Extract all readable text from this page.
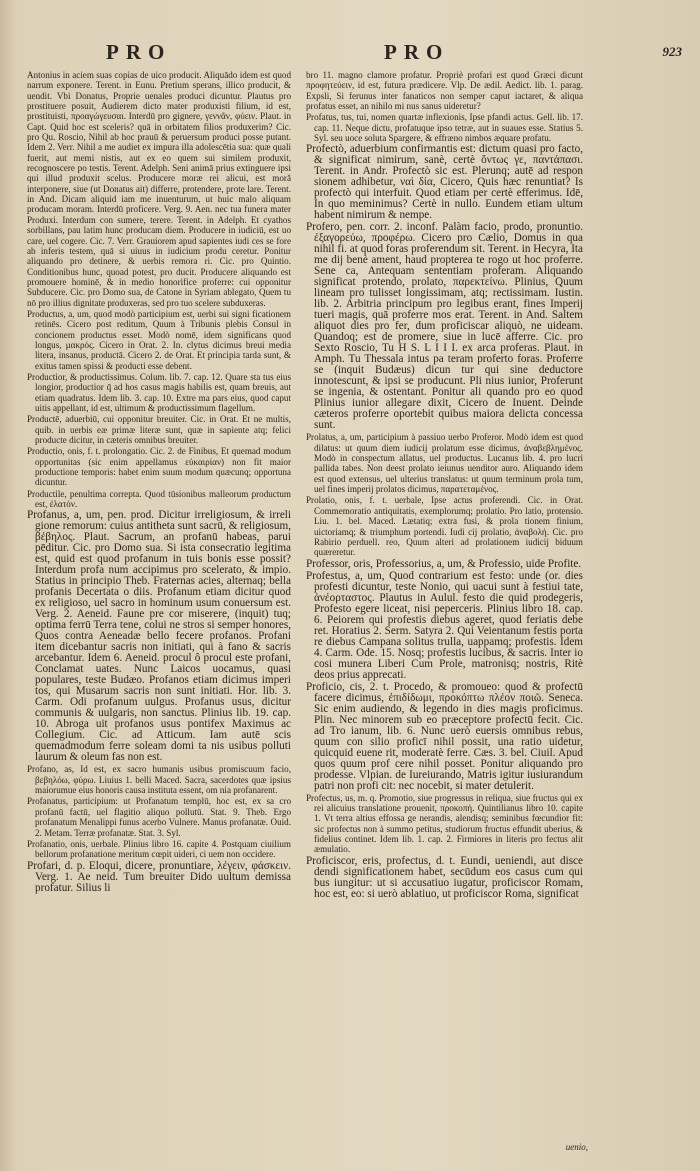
PRO	PRO	923

Antonius in aciem suas copias de uico producit. Aliquādo idem est quod narrum exponere. Terent. in Eunu. Pretium sperans, illico producit, & uendit. Vbi Donatus, Proprie uenales produci dicuntur. Plautus pro prostituere posuit, Audierem dicto mater produxisti filium, id est, prostituisti, προαγώγευσαι. Interdū pro gignere, γεννᾶν, φύειν. Plaut. in Capt. Quid hoc est sceleris? quā in orbitatem filios produxerim? Cic. pro Qu. Roscio, Nihil ab hoc prauū & peruersum produci posse putant. Idem 2. Verr. Nihil a me audiet ex impura illa adolescētia sua: quæ quali fuerit, aut memi nistis, aut ex eo quem sui similem produxit, recognoscere po testis. Terent. Adelph. Seni animā prius extinguere ipsi qui illud produxit scelus. Producere moræ rei alicui, est moră interponere, siue (ut Donatus ait) differre, protendere, prote lare. Terent. in And. Dicam aliquid iam me inuenturum, ut huic malo aliquam producam moram. Interdū proficere. Verg. 9. Aen. nec tua funera mater Produxi. Interdum con sumere, terere. Terent. in Adelph. Et cyathos sorbillans, pau latim hunc producam diem. Producere in iudiciū, est uo care, uel cogere. Cic. 7. Verr. Grauiorem apud sapientes iudi ces se fore ab inferis testem, quā si uiuus in iudicium produ ceretur. Ponitur aliquando pro detinere, & uerbis remora ri. Cic. pro Quintio. Conditionibus hunc, quoad potest, pro ducit. Producere aliquando est promouere hominē, & in medio honorifice proferre: cui opponitur Subducere. Cic. pro Domo sua, de Catone in Syriam ablegato, Quem tu nō pro illius dignitate produxeras, sed pro tuo scelere subduxeras.

Productus, a, um, quod modò participium est, uerbi sui signi ficationem retinēs. Cicero post reditum, Quum à Tribunis plebis Consul in concionem productus esset. Modò nomē, idem significans quod longus, μακρός. Cicero in Orat. 2. In. clytus dicimus breui media litera, insanus, productā. Cicero 2. de Orat. Et principia tarda sunt, & exitus tamen spissi & producti esse debent.

Productior, & productissimus. Colum. lib. 7. cap. 12. Quare sta tus eius longior, productior q̄ ad hos casus magis habilis est, quam breuis, aut etiam quadratus. Idem lib. 3. cap. 10. Extre ma pars eius, quod caput uitis appellant, id est, ultimum & productissimum flagellum.

Productē, aduerbiū, cui opponitur breuiter. Cic. in Orat. Et ne multis, quib. in uerbis eæ primæ literæ sunt, quæ in sapiente atq; felici producte dicitur, in cæteris omnibus breuiter.

Productio, onis, f. t. prolongatio. Cic. 2. de Finibus, Et quemad modum opportunitas (sic enim appellamus εὐκαιρίαν) non fit maior productione temporis: habet enim suum modum quæcunq; opportuna dicuntur.

Productile, penultima correpta. Quod tūsionibus malleorum productum est, ἐλατόν.

Profanus, a, um, pen. prod. Dicitur irreligiosum, & irreli gione remorum: cuius antitheta sunt sacrū, & religiosum, βέβηλος. Plaut. Sacrum, an profanū habeas, parui pēditur. Cic. pro Domo sua. Si ista consecratio legitima est, quid est quod profanum in tuis bonis esse possit? Interdum profa num accipimus pro scelerato, & impio. Statius in principio Theb. Fraternas acies, alternaq; bella profanis Decertata o diis. Profanum etiam dicitur quod ex religioso, uel sacro in hominum usum conuersum est. Verg. 2. Aeneid. Faune pre cor miserere, (inquit) tuq; optima ferrū Terra tene, colui ne stros si semper honores, Quos contra Aeneadæ bello fecere profanos. Profani item dicebantur sacris non initiati, qui à fano & sacris arcebantur. Idem 6. Aeneid. procul ô procul este profani, Conclamat uates. Nunc Laicos uocamus, quasi populares, teste Budæo. Profanos etiam dicimus imperi tos, qui Musarum sacris non sunt initiati. Hor. lib. 3. Carm. Odi profanum uulgus. Profanus usus, dicitur communis & uulgaris, non sanctus. Plinius lib. 19. cap. 10. Abroga uit profanos usus pontifex Maximus ac Collegium. Cic. ad Atticum. Iam autē scis quemadmodum ferre soleam domi ta nis usibus polluti laurum & oleum fas non est.

Profano, as, Id est, ex sacro humanis usibus promiscuum facio, βεβηλόω, φύρω. Liuius 1. belli Maced. Sacra, sacerdotes quæ ipsius maiorumue eius honoris causa instituta essent, om nia profanarent.

Profanatus, participium: ut Profanatum templū, hoc est, ex sa cro profanū factū, uel flagitio aliquo pollutū. Stat. 9. Theb. Ergo profanatum Menalippi funus acerbo Vulnere. Manus profanatæ. Ouid. 2. Metam. Terræ profanatæ. Stat. 3. Syl.

Profanatio, onis, uerbale. Plinius libro 16. capite 4. Postquam ciuilium bellorum profanatione meritum cœpit uideri, ci uem non occidere.

Profari, d. p. Eloqui, dicere, pronuntiare, λέγειν, φάσκειν. Verg. 1. Ae neid. Tum breuiter Dido uultum demissa profatur. Silius li

bro 11. magno clamore profatur. Propriè profari est quod Græci dicunt προφητεύειν, id est, futura prædicere. Vlp. De ædil. Aedict. lib. 1. parag. Expsli, Si ferunus inter fanaticos non semper caput iactaret, & aliqua profatus esset, an nihilo mi nus sanus uideretur?

Profatus, tus, tui, nomen quartæ inflexionis, Ipse pfandi actus. Gell. lib. 17. cap. 11. Neque dictu, profatuque ipso tetræ, aut in suaues esse. Statius 5. Syl. seu uoce soluta Spargere, & effræno nimbos æquare profatu.

Profectò, aduerbium confirmantis est: dictum quasi pro facto, & significat nimirum, sanè, certè ὄντως γε, παντάπασι. Terent. in Andr. Profectò sic est. Plerunq; autē ad respon sionem adhibetur, ναὶ δία, Cicero, Quis hæc renuntiat? Is profectò qui interfuit. Quod etiam per certè efferimus. Idē, In quo meminimus? Certè in nullo. Eundem etiam ultum habent nimirum & nempe.

Profero, pen. corr. 2. inconf. Palàm facio, prodo, pronuntio. ἐξαγορεύω, προφέρω. Cicero pro Cælio, Domus in qua nihil fi. at quod foras proferendum sit. Terent. in Hecyra, Ita me dij benè ament, haud propterea te rogo ut hoc proferre. Sene ca, Antequam sententiam proferam. Aliquando significat protendo, prolato, παρεκτείνω. Plinius, Quum lineam pro tulisset longissimam, atq; rectissimam. Iustin. lib. 2. Arbitria principum pro legibus erant, fines Imperij tueri magis, quā proferre mos erat. Terent. in And. Saltem aliquot dies pro fer, dum proficiscar aliquò, ne uideam. Quandoq; est de promere, siue in lucē afferre. Cic. pro Sexto Roscio, Tu H S. L I I I. ex arca proferas. Plaut. in Amph. Tu Thessala intus pa teram proferto foras. Proferre se (inquit Budæus) dicun tur qui sine deductore innotescunt, & ipsi se producunt. Pli nius iunior, Proferunt se ingenia, & ostentant. Ponitur ali quando pro eo quod Plinius iunior allegare dixit, Cicero de Inuent. Deinde cæteros proferre oportebit quibus maiora delicta concessa sunt.

Prolatus, a, um, participium à passiuo uerbo Proferor. Modò idem est quod dilatus: ut quum diem iudicij prolatum esse dicimus, ἀναβεβλημένος. Modò in conspectum allatus, uel productus. Lucanus lib. 4. pro lucri pallida tabes. Non deest prolato ieiunus uenditor auro. Aliquando idem est quod extensus, uel ulterius translatus: ut quum terminum prola tum, uel fines imperij prolatos dicimus, παρατεταμένος.

Prolatio, onis, f. t. uerbale, Ipse actus proferendi. Cic. in Orat. Commemoratio antiquitatis, exemplorumq; prolatio. Pro latio, protensio. Liu. 1. bel. Maced. Lætatiq; extra fusi, & prola tionem finium, uictoriamq; & triumphum portendi. Iudi cij prolatio, ἀναβολή. Cic. pro Rabirio perduell. reo, Quum alteri ad prolationem iudicij biduum quæreretur.

Professor, oris, Professorius, a, um, & Professio, uide Profite.

Profestus, a, um, Quod contrarium est festo: unde (or. dies profesti dicuntur, teste Nonio, qui uacui sunt à festiui tate, ἀνέορταστος. Plautus in Aulul. festo die quid prodegeris, Profesto egere liceat, nisi peperceris. Plinius libro 18. cap. 6. Peiorem qui profestis diebus ageret, quod feriatis debe ret. Horatius 2. Serm. Satyra 2. Qui Veientanum festis porta re diebus Campana solitus trulla, uappamq; profestis. Idem 4. Carm. Ode. 15. Nosq; profestis lucibus, & sacris. Inter io cosi munera Liberi Cum Prole, matronisq; nostris, Ritè deos prius apprecati.

Proficio, cis, 2. t. Procedo, & promoueo: quod & profectū facere dicimus, ἐπιδίδωμι, προκόπτω πλέον ποιῶ. Seneca. Sic enim audiendo, & legendo in dies magis proficimus. Plin. Nec minorem sub eo præceptore profectū fecit. Cic. ad Tro ianum, lib. 6. Nunc uerò euersis omnibus rebus, quum con silio proficī nihil possit, una ratio uidetur, quicquid euene rit, moderatè ferre. Cæs. 3. bel. Ciuil. Apud quos quum prof cere nihil posset. Ponitur aliquando pro prodesse. Vlpian. de Iureiurando, Matris igitur iusiurandum patri non profi cit: nec nocebit, si mater detulerit.

Profectus, us, m. q. Promotio, siue progressus in reliqua, siue fructus qui ex rei alicuius translatione prouenit, προκοπή. Quintilianus libro 10. capite 1. Vt terra altius effossa ge nerandis, alendisq; seminibus fœcundior fit: sic profectus non à summo petitus, studiorum fructus effundit uberius, & fidelius continet. Idem lib. 1. cap. 2. Firmiores in literis pro fectus alit æmulatio.

Proficiscor, eris, profectus, d. t. Eundi, ueniendi, aut disce dendi significationem habet, secūdum eos casus cum qui bus iungitur: ut si accusatiuo iugatur, proficiscor Romam, hoc est, eo: si uerò ablatiuo, ut proficiscor Roma, significat

uenio,
